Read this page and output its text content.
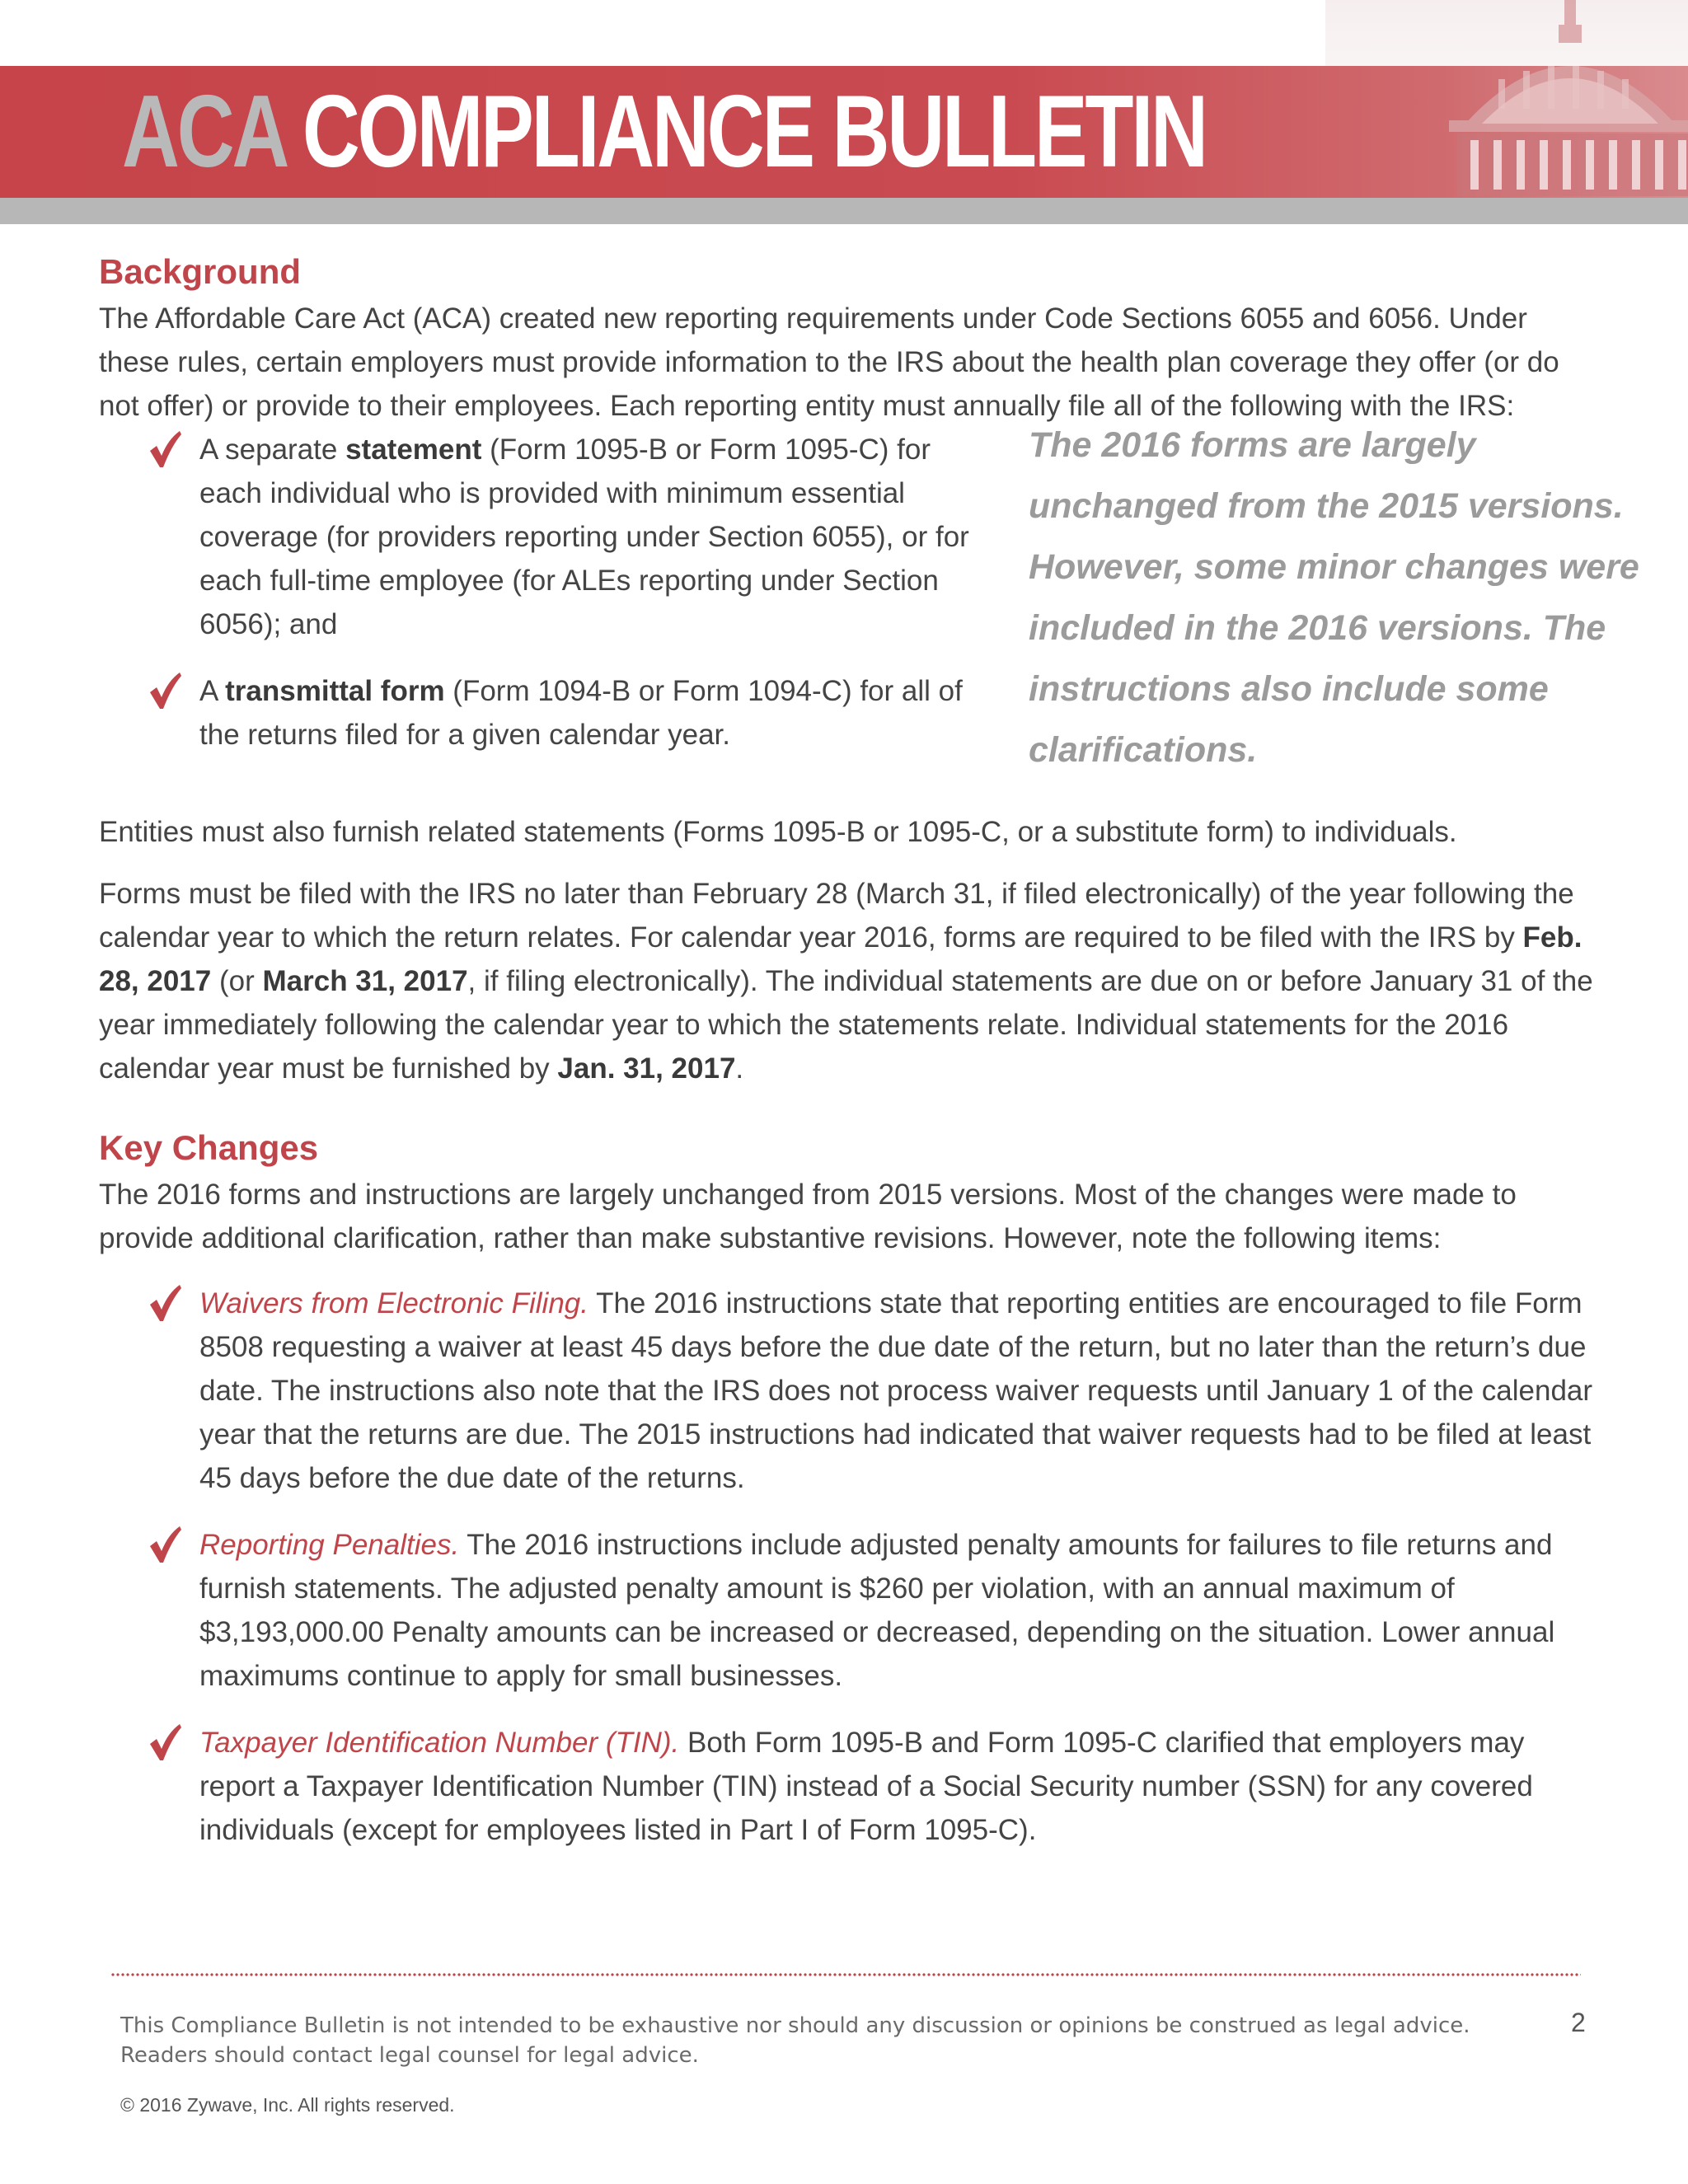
ACA COMPLIANCE BULLETIN
Background

The Affordable Care Act (ACA) created new reporting requirements under Code Sections 6055 and 6056. Under these rules, certain employers must provide information to the IRS about the health plan coverage they offer (or do not offer) or provide to their employees. Each reporting entity must annually file all of the following with the IRS:

A separate statement (Form 1095-B or Form 1095-C) for each individual who is provided with minimum essential coverage (for providers reporting under Section 6055), or for each full-time employee (for ALEs reporting under Section 6056); and
A transmittal form (Form 1094-B or Form 1094-C) for all of the returns filed for a given calendar year.
The 2016 forms are largely unchanged from the 2015 versions. However, some minor changes were included in the 2016 versions. The instructions also include some clarifications.

Entities must also furnish related statements (Forms 1095-B or 1095-C, or a substitute form) to individuals.

Forms must be filed with the IRS no later than February 28 (March 31, if filed electronically) of the year following the calendar year to which the return relates. For calendar year 2016, forms are required to be filed with the IRS by Feb. 28, 2017 (or March 31, 2017, if filing electronically). The individual statements are due on or before January 31 of the year immediately following the calendar year to which the statements relate. Individual statements for the 2016 calendar year must be furnished by Jan. 31, 2017.

Key Changes

The 2016 forms and instructions are largely unchanged from 2015 versions. Most of the changes were made to provide additional clarification, rather than make substantive revisions. However, note the following items:

Waivers from Electronic Filing. The 2016 instructions state that reporting entities are encouraged to file Form 8508 requesting a waiver at least 45 days before the due date of the return, but no later than the return’s due date. The instructions also note that the IRS does not process waiver requests until January 1 of the calendar year that the returns are due. The 2015 instructions had indicated that waiver requests had to be filed at least 45 days before the due date of the returns.
Reporting Penalties. The 2016 instructions include adjusted penalty amounts for failures to file returns and furnish statements. The adjusted penalty amount is $260 per violation, with an annual maximum of $3,193,000.00 Penalty amounts can be increased or decreased, depending on the situation. Lower annual maximums continue to apply for small businesses.
Taxpayer Identification Number (TIN). Both Form 1095-B and Form 1095-C clarified that employers may report a Taxpayer Identification Number (TIN) instead of a Social Security number (SSN) for any covered individuals (except for employees listed in Part I of Form 1095-C).
This Compliance Bulletin is not intended to be exhaustive nor should any discussion or opinions be construed as legal advice.
Readers should contact legal counsel for legal advice.
2
© 2016 Zywave, Inc. All rights reserved.
